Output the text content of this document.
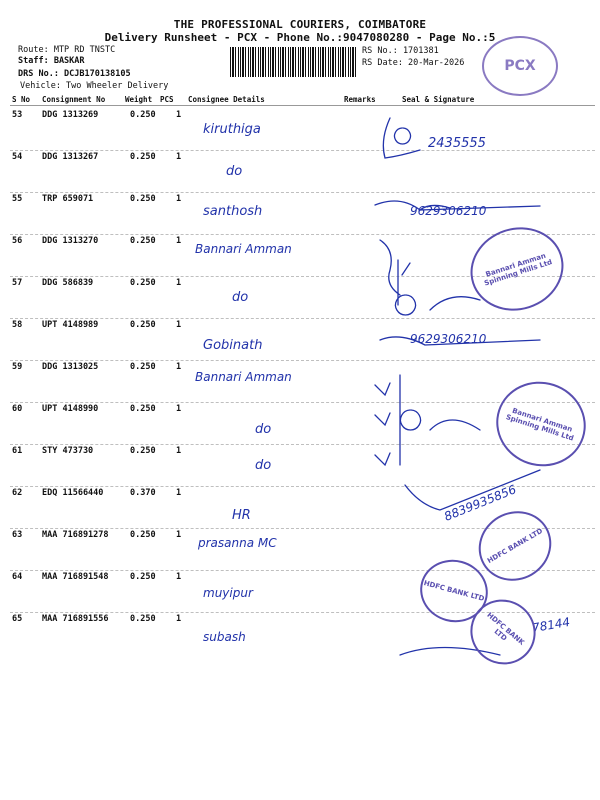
THE PROFESSIONAL COURIERS, COIMBATORE
Delivery Runsheet - PCX - Phone No.:9047080280 - Page No.:5
Route: MTP RD TNSTC
Staff: BASKAR
DRS No.: DCJB170138105
Vehicle: Two Wheeler Delivery
RS No.: 1701381
RS Date: 20-Mar-2026	PCX
S No Consignment No	Weight PCS Consignee Details	Remarks	Seal & Signature
53 DDG 1313269	0.250 1
kiruthiga
2435555
54 DDG 1313267	0.250 1
do
55 TRP 659071	0.250 1
santhosh	9629306210
56 DDG 1313270	0.250 1
Bannari Amman
57 DDG 586839	0.250 1
do
58 UPT 4148989	0.250 1
Gobinath	9629306210
59 DDG 1313025	0.250 1
Bannari Amman
60 UPT 4148990	0.250 1
do
61 STY 473730	0.250 1
do
62 EDQ 11566440	0.370 1
HR	8839935856
63 MAA 716891278	0.250 1
prasanna MC
64 MAA 716891548	0.250 1
muyipur
65 MAA 716891556	0.250 1
subash
78144
Bannari Amman Spinning Mills Ltd
Bannari Amman Spinning Mills Ltd
HDFC BANK LTD
HDFC BANK LTD
HDFC BANK LTD
